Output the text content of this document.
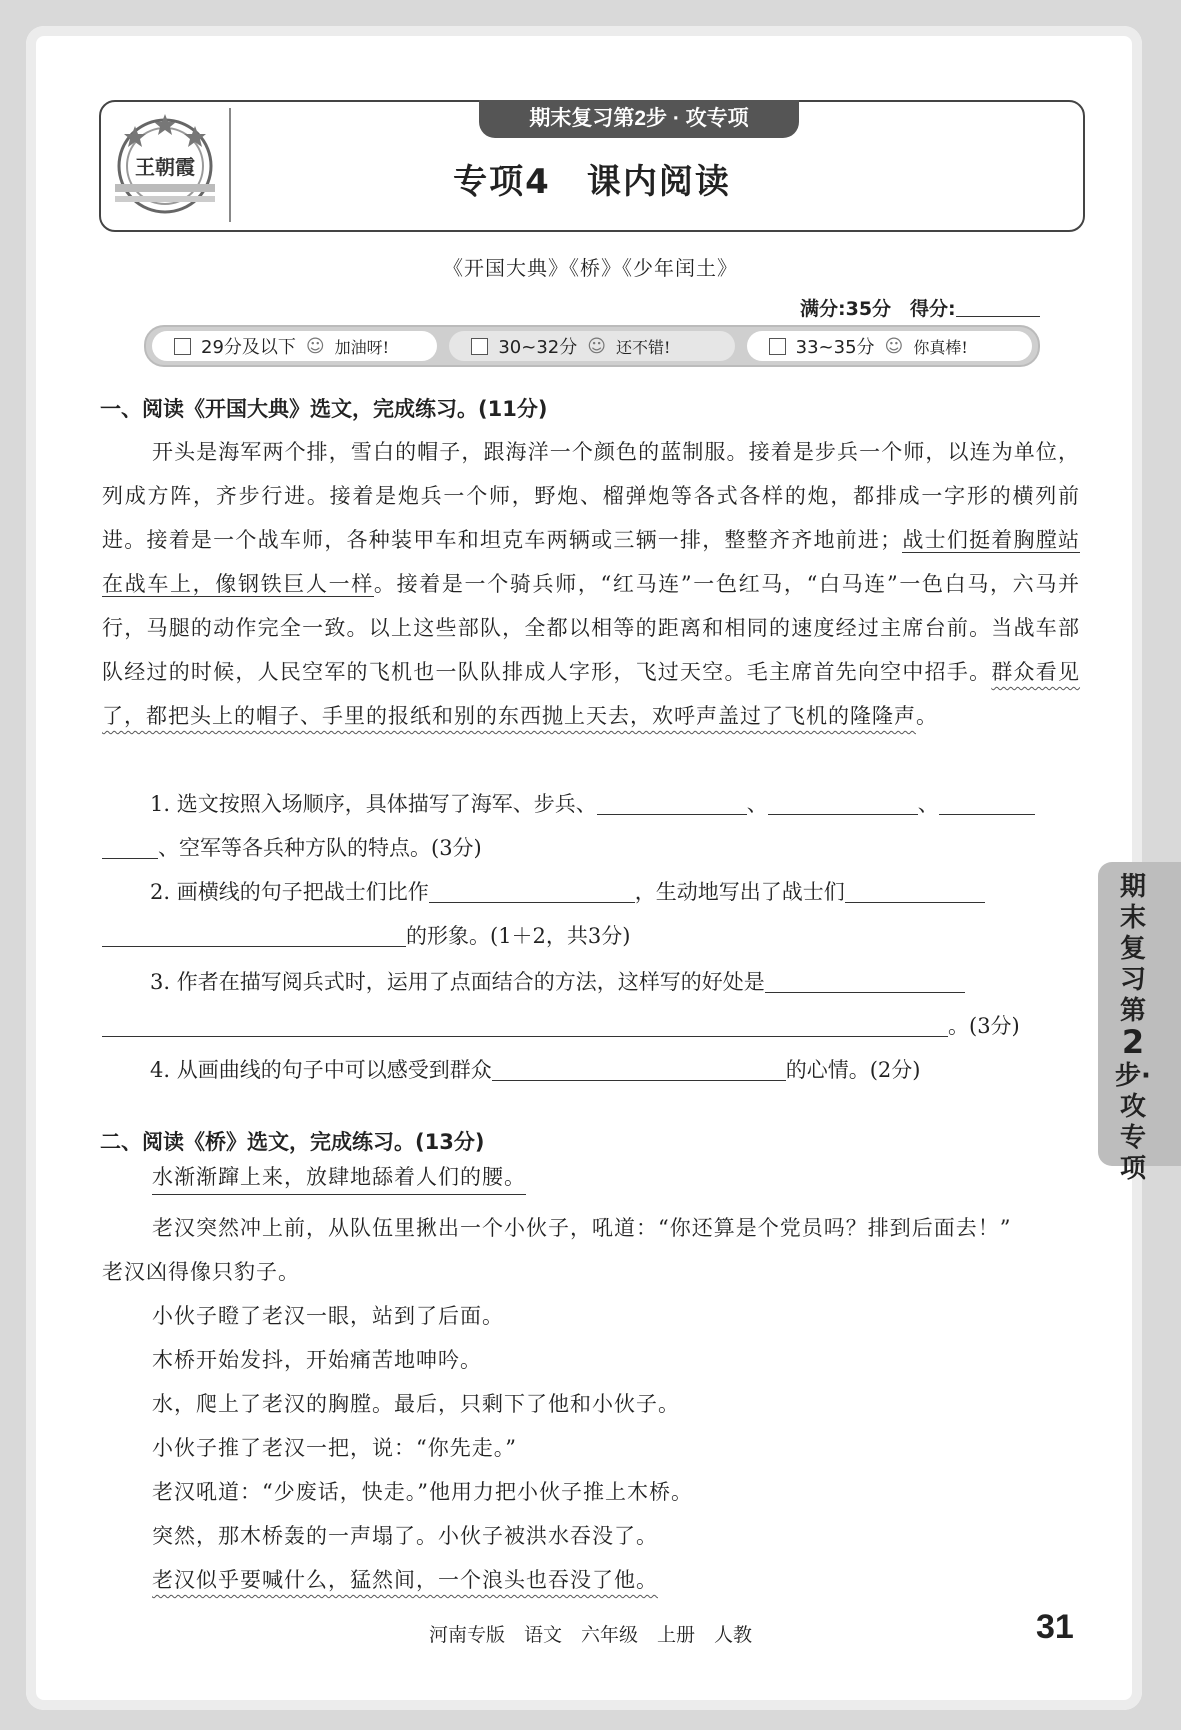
王朝霞
期末复习第2步 · 攻专项
专项4　课内阅读
《开国大典》《桥》《少年闰土》
满分:35分　得分:
29分及以下 ☺ 加油呀!	30~32分 ☺ 还不错!	33~35分 ☺ 你真棒!
一、阅读《开国大典》选文，完成练习。(11分)
开头是海军两个排，雪白的帽子，跟海洋一个颜色的蓝制服。接着是步兵一个师，以连为单位，列成方阵，齐步行进。接着是炮兵一个师，野炮、榴弹炮等各式各样的炮，都排成一字形的横列前进。接着是一个战车师，各种装甲车和坦克车两辆或三辆一排，整整齐齐地前进；战士们挺着胸膛站在战车上，像钢铁巨人一样。接着是一个骑兵师，“红马连”一色红马，“白马连”一色白马，六马并行，马腿的动作完全一致。以上这些部队，全都以相等的距离和相同的速度经过主席台前。当战车部队经过的时候，人民空军的飞机也一队队排成人字形，飞过天空。毛主席首先向空中招手。群众看见了，都把头上的帽子、手里的报纸和别的东西抛上天去，欢呼声盖过了飞机的隆隆声。
1. 选文按照入场顺序，具体描写了海军、步兵、	、	、
、空军等各兵种方队的特点。(3分)
2. 画横线的句子把战士们比作	，生动地写出了战士们
的形象。(1＋2，共3分)
3. 作者在描写阅兵式时，运用了点面结合的方法，这样写的好处是
。(3分)
4. 从画曲线的句子中可以感受到群众	的心情。(2分)
二、阅读《桥》选文，完成练习。(13分)
水渐渐蹿上来，放肆地舔着人们的腰。
老汉突然冲上前，从队伍里揪出一个小伙子，吼道：“你还算是个党员吗？排到后面去！”
老汉凶得像只豹子。
小伙子瞪了老汉一眼，站到了后面。
木桥开始发抖，开始痛苦地呻吟。
水，爬上了老汉的胸膛。最后，只剩下了他和小伙子。
小伙子推了老汉一把，说：“你先走。”
老汉吼道：“少废话，快走。”他用力把小伙子推上木桥。
突然，那木桥轰的一声塌了。小伙子被洪水吞没了。
老汉似乎要喊什么，猛然间，一个浪头也吞没了他。
期末复习第2步·攻专项
河南专版　语文　六年级　上册　人教	31
